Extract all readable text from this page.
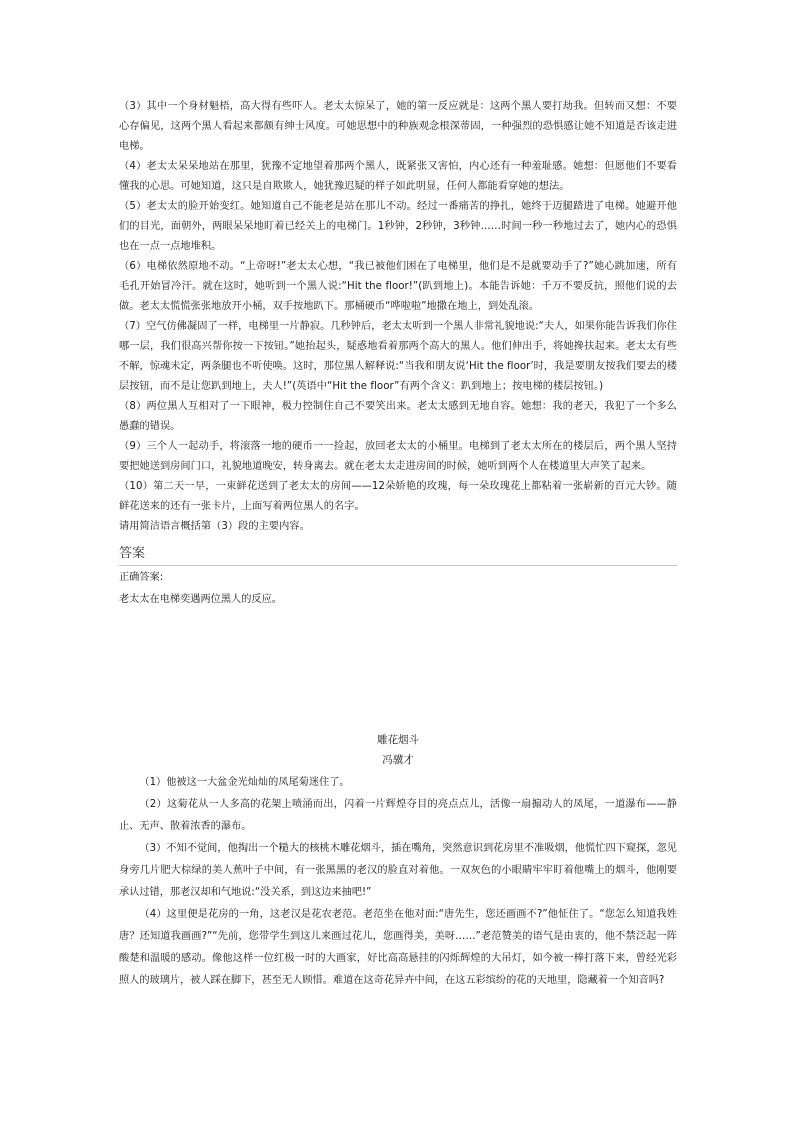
（3）其中一个身材魁梧，高大得有些吓人。老太太惊呆了，她的第一反应就是：这两个黑人要打劫我。但转而又想：不要心存偏见，这两个黑人看起来都颇有绅士风度。可她思想中的种族观念根深蒂固，一种强烈的恐惧感让她不知道是否该走进电梯。

（4）老太太呆呆地站在那里，犹豫不定地望着那两个黑人，既紧张又害怕，内心还有一种羞耻感。她想：但愿他们不要看懂我的心思。可她知道，这只是自欺欺人，她犹豫迟疑的样子如此明显，任何人都能看穿她的想法。

（5）老太太的脸开始变红。她知道自己不能老是站在那儿不动。经过一番痛苦的挣扎，她终于迈腿踏进了电梯。她避开他们的目光，面朝外，两眼呆呆地盯着已经关上的电梯门。1秒钟，2秒钟，3秒钟……时间一秒一秒地过去了，她内心的恐惧也在一点一点地堆积。

（6）电梯依然原地不动。“上帝呀!”老太太心想，“我已被他们困在了电梯里，他们是不是就要动手了?”她心跳加速，所有毛孔开始冒冷汗。就在这时，她听到一个黑人说:“Hit the floor!”(趴到地上)。本能告诉她：千万不要反抗，照他们说的去做。老太太慌慌张张地放开小桶，双手按地趴下。那桶硬币“哗啦啦”地撒在地上，到处乱滚。

（7）空气仿佛凝固了一样，电梯里一片静寂。几秒钟后，老太太听到一个黑人非常礼貌地说:“夫人，如果你能告诉我们你住哪一层，我们很高兴帮你按一下按钮。”她抬起头，疑惑地看着那两个高大的黑人。他们伸出手，将她搀扶起来。老太太有些不解，惊魂未定，两条腿也不听使唤。这时，那位黑人解释说:“当我和朋友说‘Hit the floor’时，我是要朋友按我们要去的楼层按钮，而不是让您趴到地上，夫人!”(英语中“Hit the floor”有两个含义：趴到地上；按电梯的楼层按钮。)

（8）两位黑人互相对了一下眼神，极力控制住自己不要笑出来。老太太感到无地自容。她想：我的老天，我犯了一个多么愚蠢的错误。

（9）三个人一起动手，将滚落一地的硬币一一捡起，放回老太太的小桶里。电梯到了老太太所在的楼层后，两个黑人坚持要把她送到房间门口，礼貌地道晚安，转身离去。就在老太太走进房间的时候，她听到两个人在楼道里大声笑了起来。

（10）第二天一早，一束鲜花送到了老太太的房间——12朵娇艳的玫瑰，每一朵玫瑰花上都粘着一张崭新的百元大钞。随鲜花送来的还有一张卡片，上面写着两位黑人的名字。

请用简洁语言概括第（3）段的主要内容。

答案

正确答案:

老太太在电梯奕遇两位黑人的反应。

雕花烟斗
冯骥才

（1）他被这一大盆金光灿灿的凤尾菊迷住了。

（2）这菊花从一人多高的花架上喷涌而出，闪着一片辉煌夺目的亮点点儿，活像一扇搧动人的凤尾，一道瀑布——静止、无声、散着浓香的瀑布。

（3）不知不觉间，他掏出一个糙大的核桃木雕花烟斗，插在嘴角，突然意识到花房里不准吸烟，他慌忙四下窥探，忽见身旁几片肥大棕绿的美人蕉叶子中间，有一张黑黑的老汉的脸直对着他。一双灰色的小眼睛牢牢盯着他嘴上的烟斗，他刚要承认过错，那老汉却和气地说:“没关系，到这边来抽吧!”

（4）这里便是花房的一角，这老汉是花农老范。老范坐在他对面:“唐先生，您还画画不?”他怔住了。“您怎么知道我姓唐？还知道我画画?”“先前，您带学生到这儿来画过花儿，您画得美，美呀……”老范赞美的语气是由衷的，他不禁泛起一阵酸楚和温暖的感动。像他这样一位红极一时的大画家，好比高高悬挂的闪烁辉煌的大吊灯，如今被一棒打落下来，曾经光彩照人的玻璃片，被人踩在脚下，甚至无人顾惜。难道在这奇花异卉中间，在这五彩缤纷的花的天地里，隐藏着一个知音吗?
